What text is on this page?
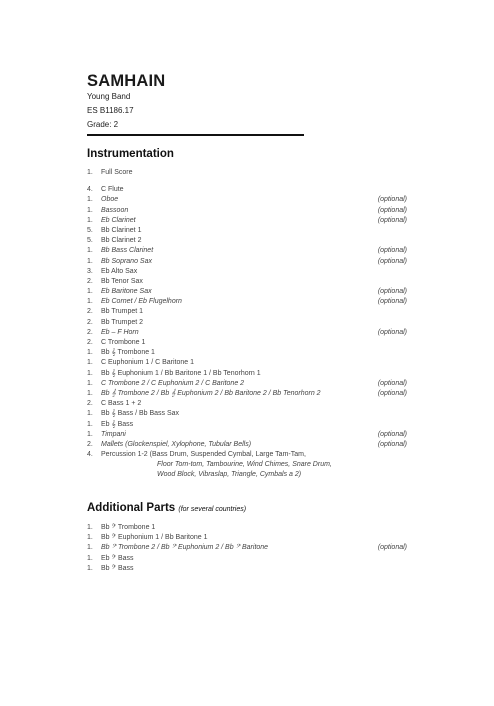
SAMHAIN
Young Band
ES B1186.17
Grade: 2
Instrumentation
1.	Full Score
4.	C Flute
1.	Oboe	(optional)
1.	Bassoon	(optional)
1.	Eb Clarinet	(optional)
5.	Bb Clarinet 1
5.	Bb Clarinet 2
1.	Bb Bass Clarinet	(optional)
1.	Bb Soprano Sax	(optional)
3.	Eb Alto Sax
2.	Bb Tenor Sax
1.	Eb Baritone Sax	(optional)
1.	Eb Cornet / Eb Flugelhorn	(optional)
2.	Bb Trumpet 1
2.	Bb Trumpet 2
2.	Eb – F Horn	(optional)
2.	C Trombone 1
1.	Bb 𝄞 Trombone 1
1.	C Euphonium 1 / C Baritone 1
1.	Bb 𝄞 Euphonium 1 / Bb Baritone 1 / Bb Tenorhorn 1
1.	C Trombone 2 / C Euphonium 2 / C Baritone 2	(optional)
1.	Bb 𝄞 Trombone 2 / Bb 𝄞 Euphonium 2 / Bb Baritone 2 / Bb Tenorhorn 2	(optional)
2.	C Bass 1 + 2
1.	Bb 𝄞 Bass / Bb Bass Sax
1.	Eb 𝄞 Bass
1.	Timpani	(optional)
2.	Mallets (Glockenspiel, Xylophone, Tubular Bells)	(optional)
4.	Percussion 1-2 (Bass Drum, Suspended Cymbal, Large Tam-Tam,
Floor Tom-tom, Tambourine, Wind Chimes, Snare Drum,
Wood Block, Vibraslap, Triangle, Cymbals a 2)
Additional Parts (for several countries)
1.	Bb 𝄢 Trombone 1
1.	Bb 𝄢 Euphonium 1 / Bb Baritone 1
1.	Bb 𝄢 Trombone 2 / Bb 𝄢 Euphonium 2 / Bb 𝄢 Baritone	(optional)
1.	Eb 𝄢 Bass
1.	Bb 𝄢 Bass
